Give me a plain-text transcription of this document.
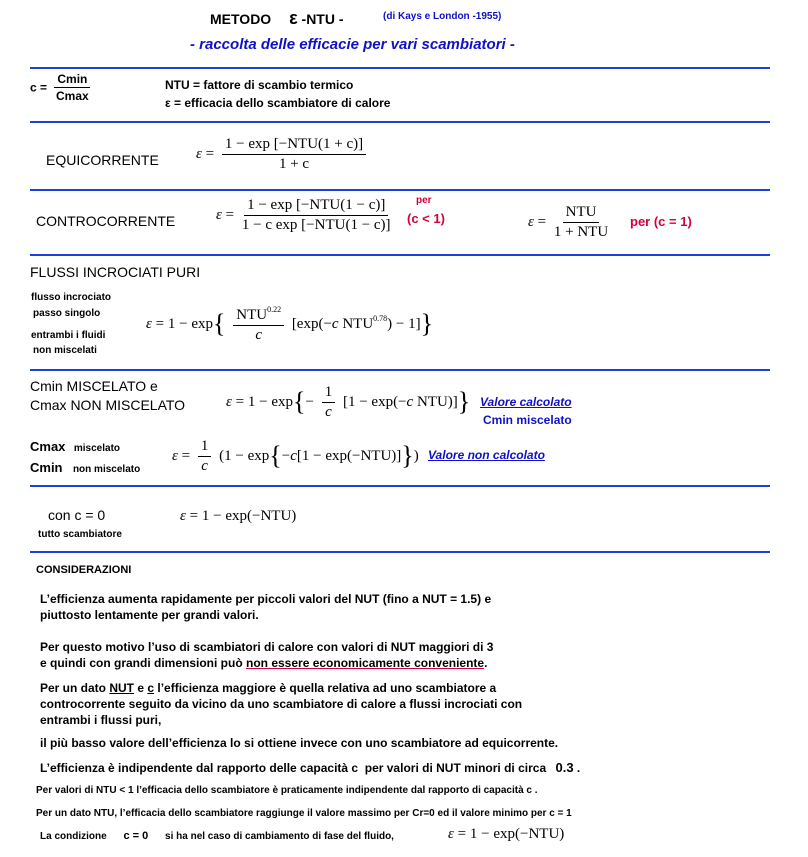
METODO ε -NTU -	(di Kays e London -1955)
- raccolta delle efficacie per vari scambiatori -
$c = \frac{Cmin}{Cmax}$	NTU = fattore di scambio termico
ε = efficacia dello scambiatore di calore
EQUICORRENTE $\varepsilon = \frac{\text{1 − exp [−NTU(1 + c)]}}{1 + c}$
CONTROCORRENTE	$\varepsilon = \frac{\text{1 − exp [−NTU(1 − c)]}}{\text{1 − c exp [−NTU(1 − c)]}}$	per
(c < 1)	$\varepsilon = \frac{\text{NTU}}{\text{1 + NTU}}$ per (c = 1)
FLUSSI INCROCIATI PURI
flusso incrociato
passo singolo
entrambi i fluidi
non miscelati
$\varepsilon = 1 - \exp\{ \frac{NTU^{0.22}}{c} [\exp(-c$ $NTU^{0.78}) - 1$]}
Cmin MISCELATO e
Cmax NON MISCELATO	$\varepsilon = 1 - \exp\{- \frac{1}{c} [1 - \exp(-c$ NTU)]} Valore calcolato
Cmin miscelato
Cmax miscelato
Cmin non miscelato
$\varepsilon = \frac{1}{c} (1 - \exp\{-c[1 - \exp(-NTU)]\})$ Valore non calcolato
con c = 0
tutto scambiatore
ε = 1 − exp(−NTU)
CONSIDERAZIONI
L’efficienza aumenta rapidamente per piccoli valori del NUT (fino a NUT = 1.5) e
piuttosto lentamente per grandi valori.
Per questo motivo l’uso di scambiatori di calore con valori di NUT maggiori di 3
e quindi con grandi dimensioni può non essere economicamente conveniente.
Per un dato NUT e c l’efficienza maggiore è quella relativa ad uno scambiatore a
controcorrente seguito da vicino da uno scambiatore di calore a flussi incrociati con
entrambi i flussi puri,
il più basso valore dell’efficienza lo si ottiene invece con uno scambiatore ad equicorrente.
L’efficienza è indipendente dal rapporto delle capacità c  per valori di NUT minori di circa 0.3 .
Per valori di NTU < 1 l’efficacia dello scambiatore è praticamente indipendente dal rapporto di capacità c .
Per un dato NTU, l’efficacia dello scambiatore raggiunge il valore massimo per Cr=0 ed il valore minimo per c = 1
La condizione c = 0 si ha nel caso di cambiamento di fase del fluido,	ε = 1 − exp(−NTU)
